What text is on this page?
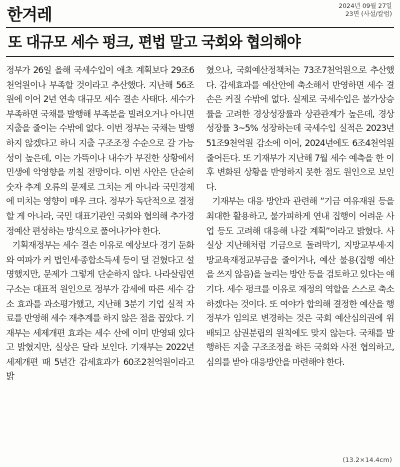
한겨레	2024년 09월 27일
23면 (사설/칼럼)
또 대규모 세수 펑크, 편법 말고 국회와 협의해야

정부가 26일 올해 국세수입이 애초 계획보다 29조6천억원이나 부족할 것이라고 추산했다. 지난해 56조원에 이어 2년 연속 대규모 세수 결손 사태다. 세수가 부족하면 국채를 발행해 부족분을 빌려오거나 아니면 지출을 줄이는 수밖에 없다. 이번 정부는 국채는 발행하지 않겠다고 하니 지출 구조조정 수순으로 갈 가능성이 높은데, 이는 가뜩이나 내수가 부진한 상황에서 민생에 악영향을 끼칠 전망이다. 이번 사안은 단순히 숫자 추계 오류의 문제로 그치는 게 아니라 국민경제에 미치는 영향이 매우 크다. 정부가 독단적으로 결정할 게 아니라, 국민 대표기관인 국회와 협의해 추가경정예산 편성하는 방식으로 풀어나가야 한다.

기획재정부는 세수 결손 이유로 예상보다 경기 둔화와 여파가 커 법인세·종합소득세 등이 덜 걷혔다고 설명했지만, 문제가 그렇게 단순하지 않다. 나라살림연구소는 대표적 원인으로 정부가 감세에 따른 세수 감소 효과를 과소평가했고, 지난해 3분기 기업 실적 자료를 반영해 세수 재추계를 하지 않은 점을 꼽았다. 기재부는 세제개편 효과는 세수 산에 이미 반영돼 있다고 밝혔지만, 실상은 달라 보인다. 기재부는 2022년 세제개편 때 5년간 감세효과가 60조2천억원이라고 밝

혔으나, 국회예산정책처는 73조7천억원으로 추산했다. 감세효과를 예산안에 축소해서 반영하면 세수 결손은 커질 수밖에 없다. 실제로 국세수입은 불가상승률을 고려한 경상성장률과 상관관계가 높은데, 경상성장률 3~5% 성장하는데 국세수입 실적은 2023년 51조9천억원 감소에 이어, 2024년에도 6조4천억원 줄어든다. 또 기재부가 지난해 7월 세수 예측을 한 이후 변화된 상황을 반영하지 못한 점도 원인으로 보인다.

기재부는 대응 방안과 관련해 “기금 여유재원 등을 최대한 활용하고, 불가피하게 연내 집행이 어려운 사업 등도 고려해 대응해 나갈 계획”이라고 밝혔다. 사실상 지난해처럼 기금으로 돌려막기, 지방교부세·지방교육재정교부금을 줄이거나, 예산 불용(집행 예산을 쓰지 않음)을 늘리는 방안 등을 검토하고 있다는 얘기다. 세수 펑크를 이유로 재정의 역할을 스스로 축소하겠다는 것이다. 또 여야가 합의해 결정한 예산을 행정부가 임의로 변경하는 것은 국회 예산심의권에 위배되고 삼권분립의 원칙에도 맞지 않는다. 국채를 발행하든 지출 구조조정을 하든 국회와 사전 협의하고, 심의를 받아 대응방안을 마련해야 한다.

(13.2×14.4cm)
